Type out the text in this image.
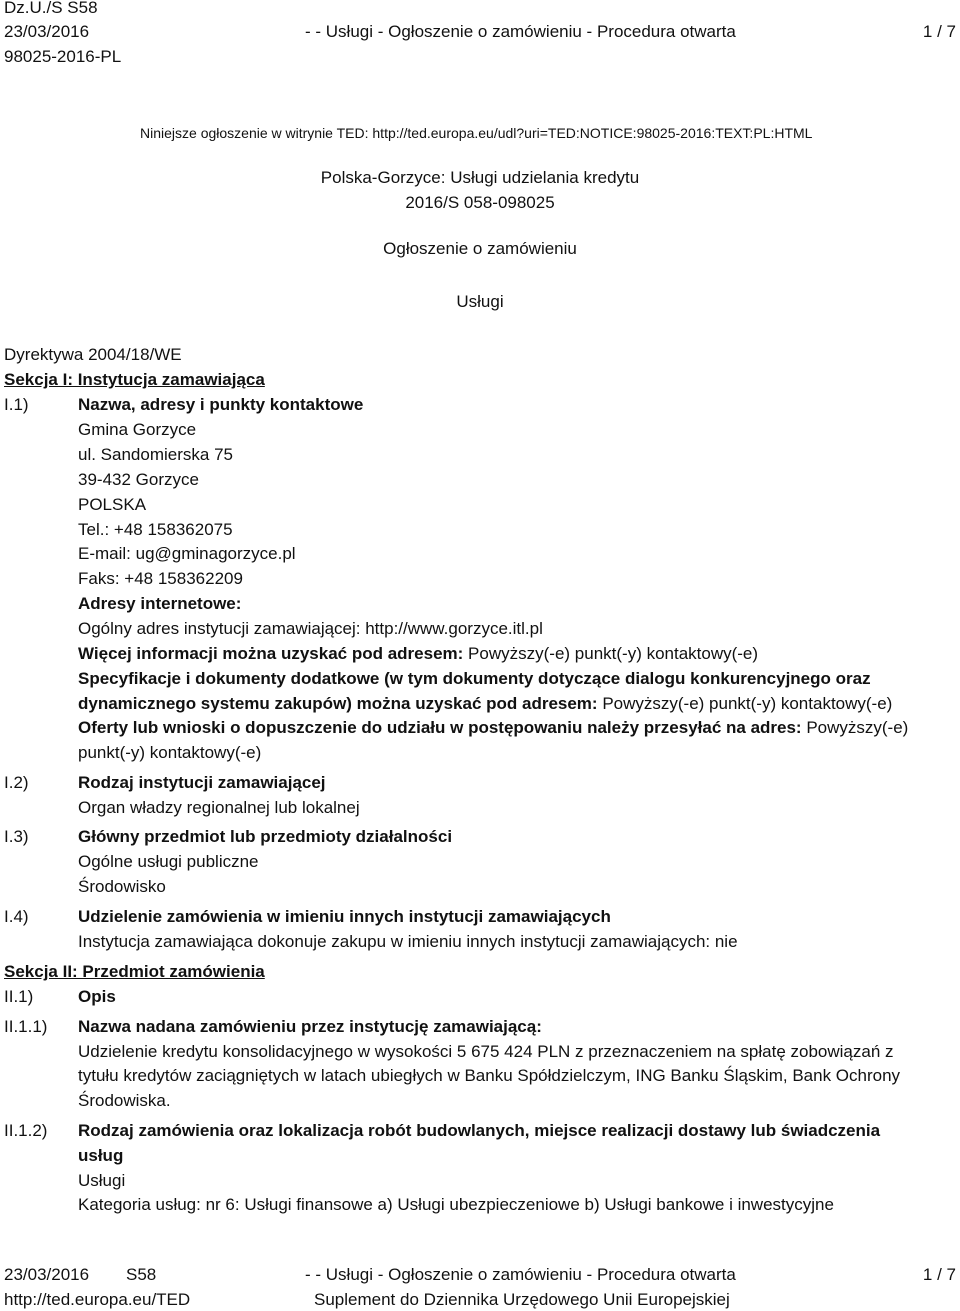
Dz.U./S S58
23/03/2016
98025-2016-PL
- - Usługi - Ogłoszenie o zamówieniu - Procedura otwarta	1 / 7
Niniejsze ogłoszenie w witrynie TED: http://ted.europa.eu/udl?uri=TED:NOTICE:98025-2016:TEXT:PL:HTML
Polska-Gorzyce: Usługi udzielania kredytu
2016/S 058-098025
Ogłoszenie o zamówieniu
Usługi
Dyrektywa 2004/18/WE
Sekcja I: Instytucja zamawiająca
I.1)	Nazwa, adresy i punkty kontaktowe
Gmina Gorzyce
ul. Sandomierska 75
39-432 Gorzyce
POLSKA
Tel.: +48 158362075
E-mail: ug@gminagorzyce.pl
Faks: +48 158362209
Adresy internetowe:
Ogólny adres instytucji zamawiającej: http://www.gorzyce.itl.pl
Więcej informacji można uzyskać pod adresem: Powyższy(-e) punkt(-y) kontaktowy(-e)
Specyfikacje i dokumenty dodatkowe (w tym dokumenty dotyczące dialogu konkurencyjnego oraz
dynamicznego systemu zakupów) można uzyskać pod adresem: Powyższy(-e) punkt(-y) kontaktowy(-e)
Oferty lub wnioski o dopuszczenie do udziału w postępowaniu należy przesyłać na adres: Powyższy(-e)
punkt(-y) kontaktowy(-e)
I.2)	Rodzaj instytucji zamawiającej
Organ władzy regionalnej lub lokalnej
I.3)	Główny przedmiot lub przedmioty działalności
Ogólne usługi publiczne
Środowisko
I.4)	Udzielenie zamówienia w imieniu innych instytucji zamawiających
Instytucja zamawiająca dokonuje zakupu w imieniu innych instytucji zamawiających: nie
Sekcja II: Przedmiot zamówienia
II.1)	Opis
II.1.1) Nazwa nadana zamówieniu przez instytucję zamawiającą:
Udzielenie kredytu konsolidacyjnego w wysokości 5 675 424 PLN z przeznaczeniem na spłatę zobowiązań z
tytułu kredytów zaciągniętych w latach ubiegłych w Banku Spółdzielczym, ING Banku Śląskim, Bank Ochrony
Środowiska.
II.1.2) Rodzaj zamówienia oraz lokalizacja robót budowlanych, miejsce realizacji dostawy lub świadczenia
usług
Usługi
Kategoria usług: nr 6: Usługi finansowe a) Usługi ubezpieczeniowe b) Usługi bankowe i inwestycyjne
23/03/2016 S58	- - Usługi - Ogłoszenie o zamówieniu - Procedura otwarta	1 / 7
http://ted.europa.eu/TED	Suplement do Dziennika Urzędowego Unii Europejskiej
